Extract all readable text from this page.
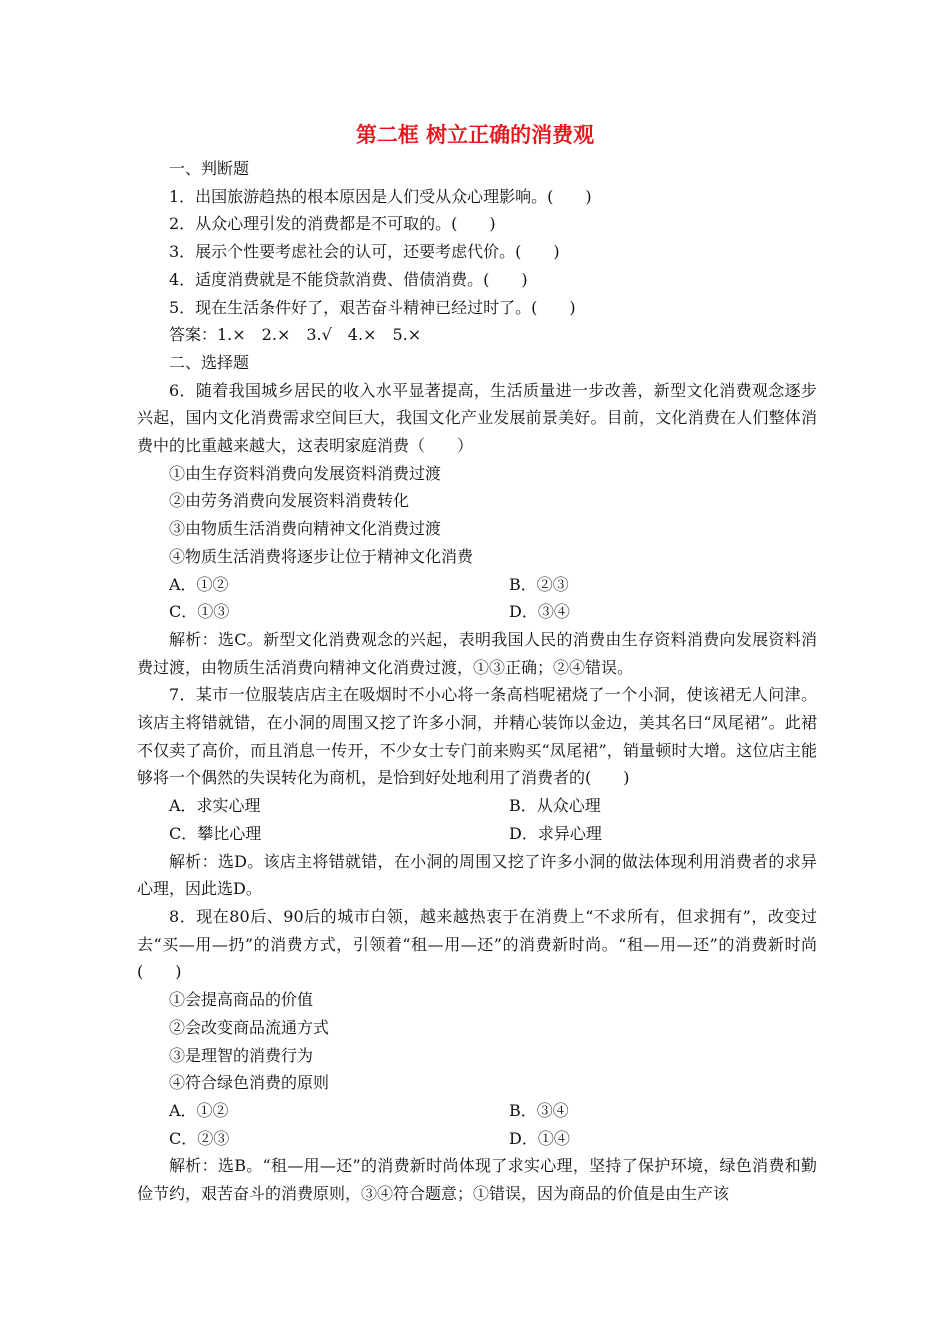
第二框 树立正确的消费观

一、判断题

1．出国旅游趋热的根本原因是人们受从众心理影响。(　　)

2．从众心理引发的消费都是不可取的。(　　)

3．展示个性要考虑社会的认可，还要考虑代价。(　　)

4．适度消费就是不能贷款消费、借债消费。(　　)

5．现在生活条件好了，艰苦奋斗精神已经过时了。(　　)

答案：1.×　2.×　3.√　4.×　5.×

二、选择题

6．随着我国城乡居民的收入水平显著提高，生活质量进一步改善，新型文化消费观念逐步兴起，国内文化消费需求空间巨大，我国文化产业发展前景美好。目前，文化消费在人们整体消费中的比重越来越大，这表明家庭消费（　　）

①由生存资料消费向发展资料消费过渡

②由劳务消费向发展资料消费转化

③由物质生活消费向精神文化消费过渡

④物质生活消费将逐步让位于精神文化消费

A．①②	B．②③
C．①③	D．③④

解析：选C。新型文化消费观念的兴起，表明我国人民的消费由生存资料消费向发展资料消费过渡，由物质生活消费向精神文化消费过渡，①③正确；②④错误。

7．某市一位服装店店主在吸烟时不小心将一条高档呢裙烧了一个小洞，使该裙无人问津。该店主将错就错，在小洞的周围又挖了许多小洞，并精心装饰以金边，美其名曰“凤尾裙”。此裙不仅卖了高价，而且消息一传开，不少女士专门前来购买“凤尾裙”，销量顿时大增。这位店主能够将一个偶然的失误转化为商机，是恰到好处地利用了消费者的(　　)

A．求实心理	B．从众心理
C．攀比心理	D．求异心理

解析：选D。该店主将错就错，在小洞的周围又挖了许多小洞的做法体现利用消费者的求异心理，因此选D。

8．现在80后、90后的城市白领，越来越热衷于在消费上“不求所有，但求拥有”，改变过去“买—用—扔”的消费方式，引领着“租—用—还”的消费新时尚。“租—用—还”的消费新时尚(　　)

①会提高商品的价值

②会改变商品流通方式

③是理智的消费行为

④符合绿色消费的原则

A．①②	B．③④
C．②③	D．①④

解析：选B。“租—用—还”的消费新时尚体现了求实心理，坚持了保护环境，绿色消费和勤俭节约，艰苦奋斗的消费原则，③④符合题意；①错误，因为商品的价值是由生产该
